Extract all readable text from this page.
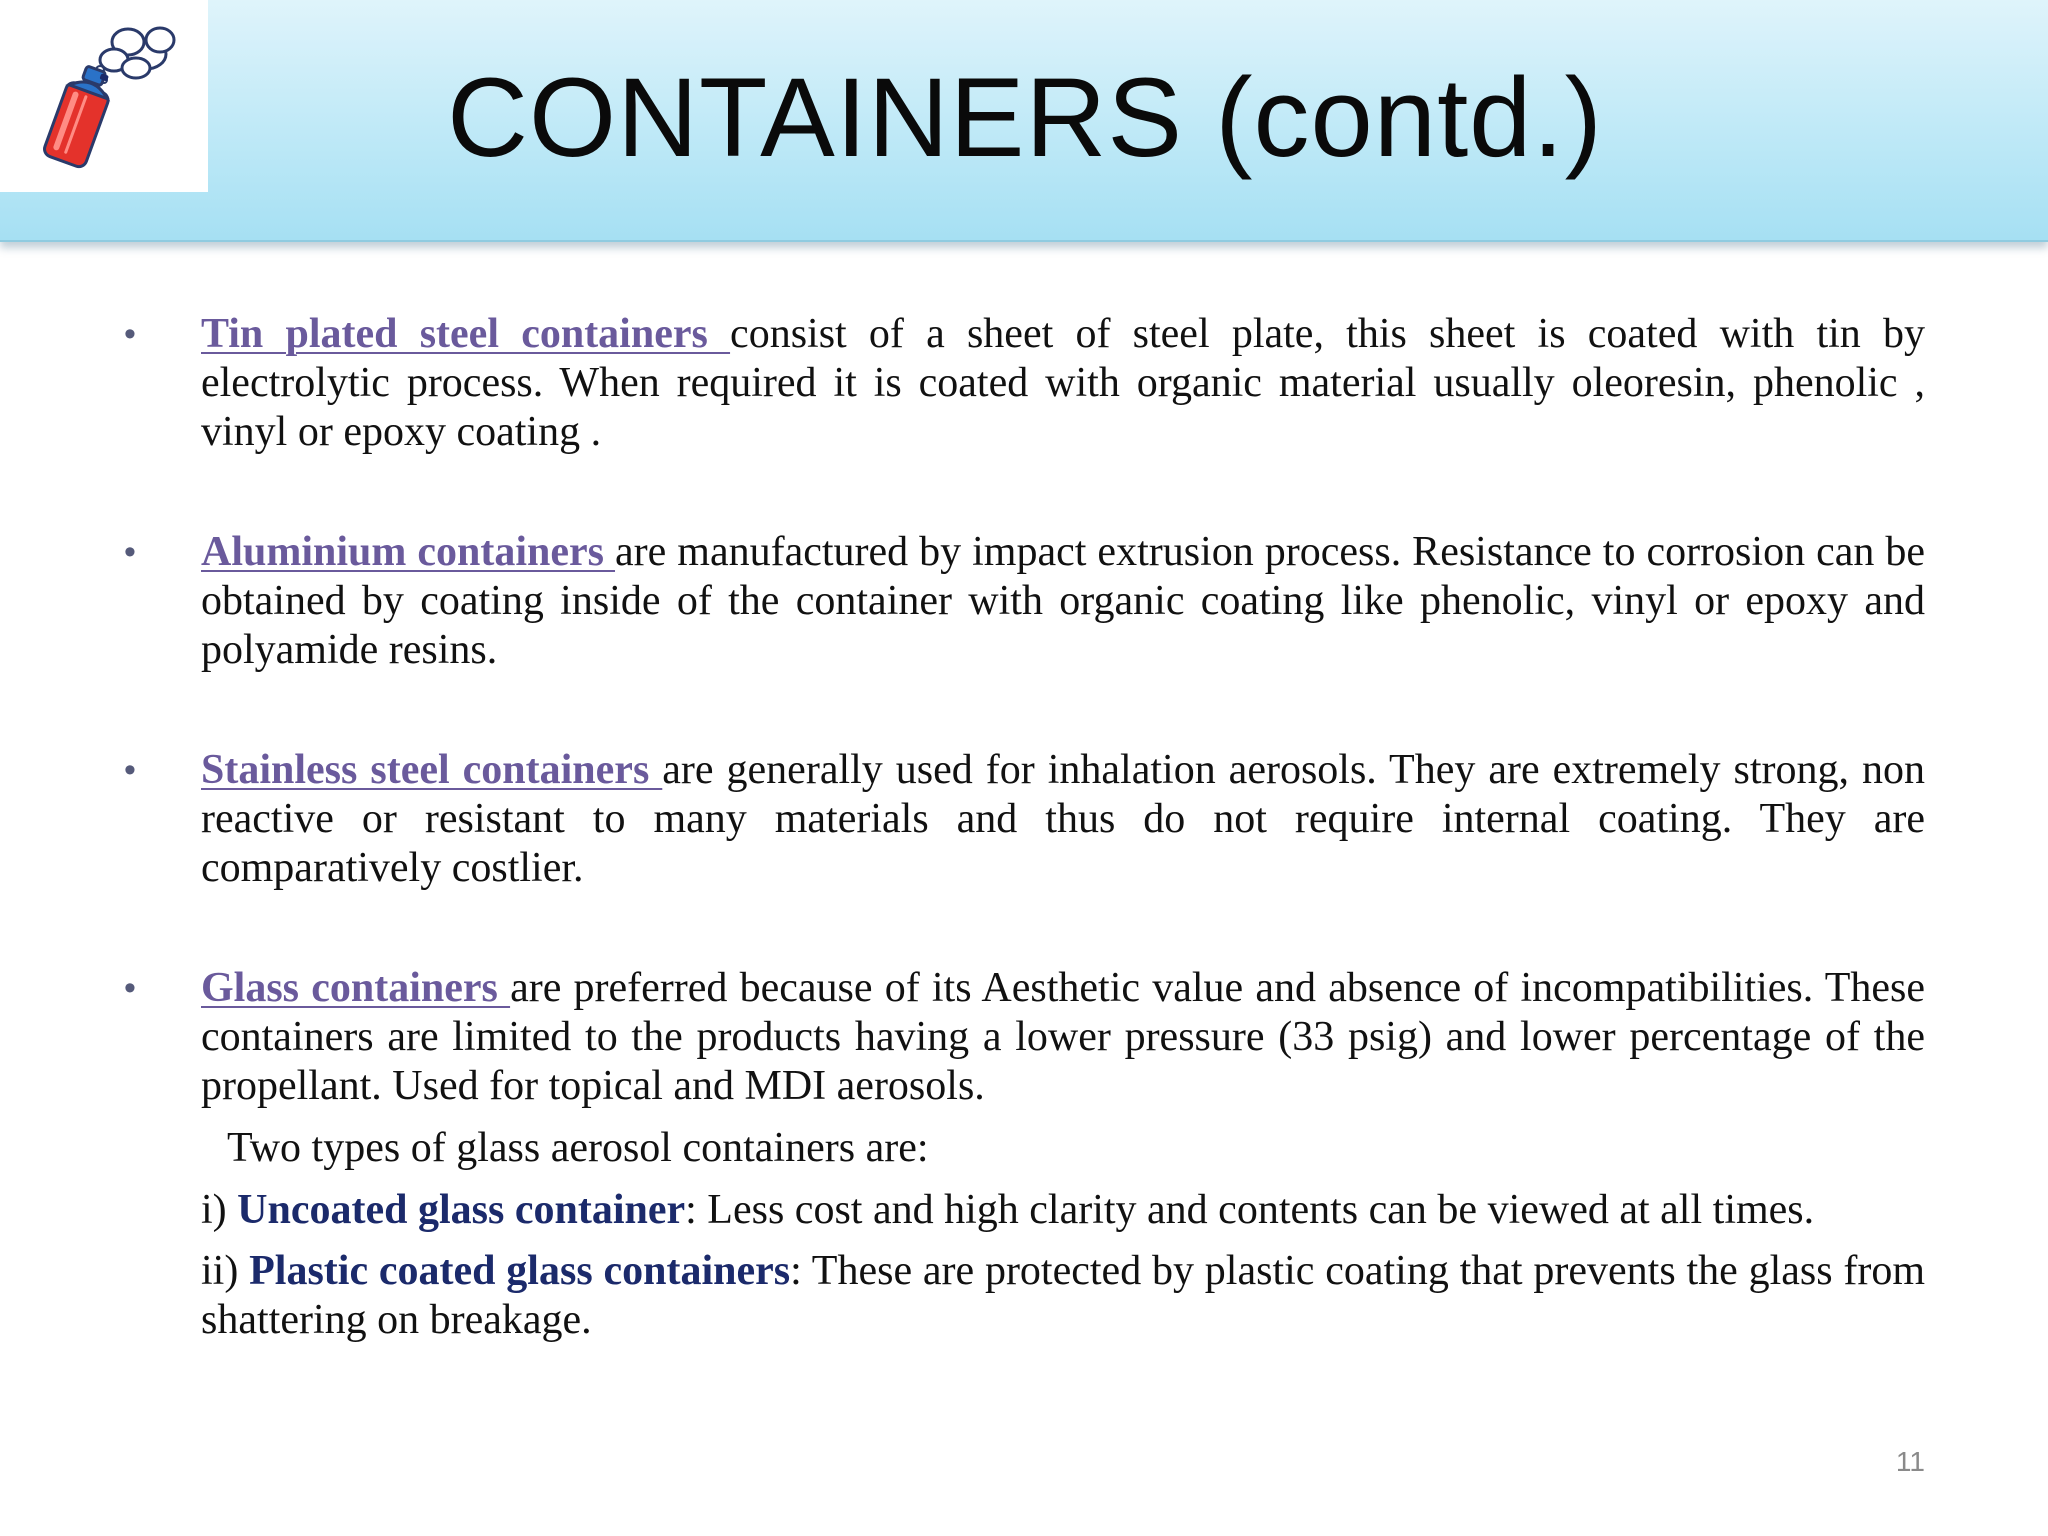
CONTAINERS (contd.)
• Tin plated steel containers consist of a sheet of steel plate, this sheet is coated with tin by electrolytic process. When required it is coated with organic material usually oleoresin, phenolic , vinyl or epoxy coating .
• Aluminium containers are manufactured by impact extrusion process. Resistance to corrosion can be obtained by coating inside of the container with organic coating like phenolic, vinyl or epoxy and polyamide resins.
• Stainless steel containers are generally used for inhalation aerosols. They are extremely strong, non reactive or resistant to many materials and thus do not require internal coating. They are comparatively costlier.
• Glass containers are preferred because of its Aesthetic value and absence of incompatibilities. These containers are limited to the products having a lower pressure (33 psig) and lower percentage of the propellant. Used for topical and MDI aerosols.
Two types of glass aerosol containers are:
i) Uncoated glass container: Less cost and high clarity and contents can be viewed at all times.
ii) Plastic coated glass containers: These are protected by plastic coating that prevents the glass from shattering on breakage.
11
